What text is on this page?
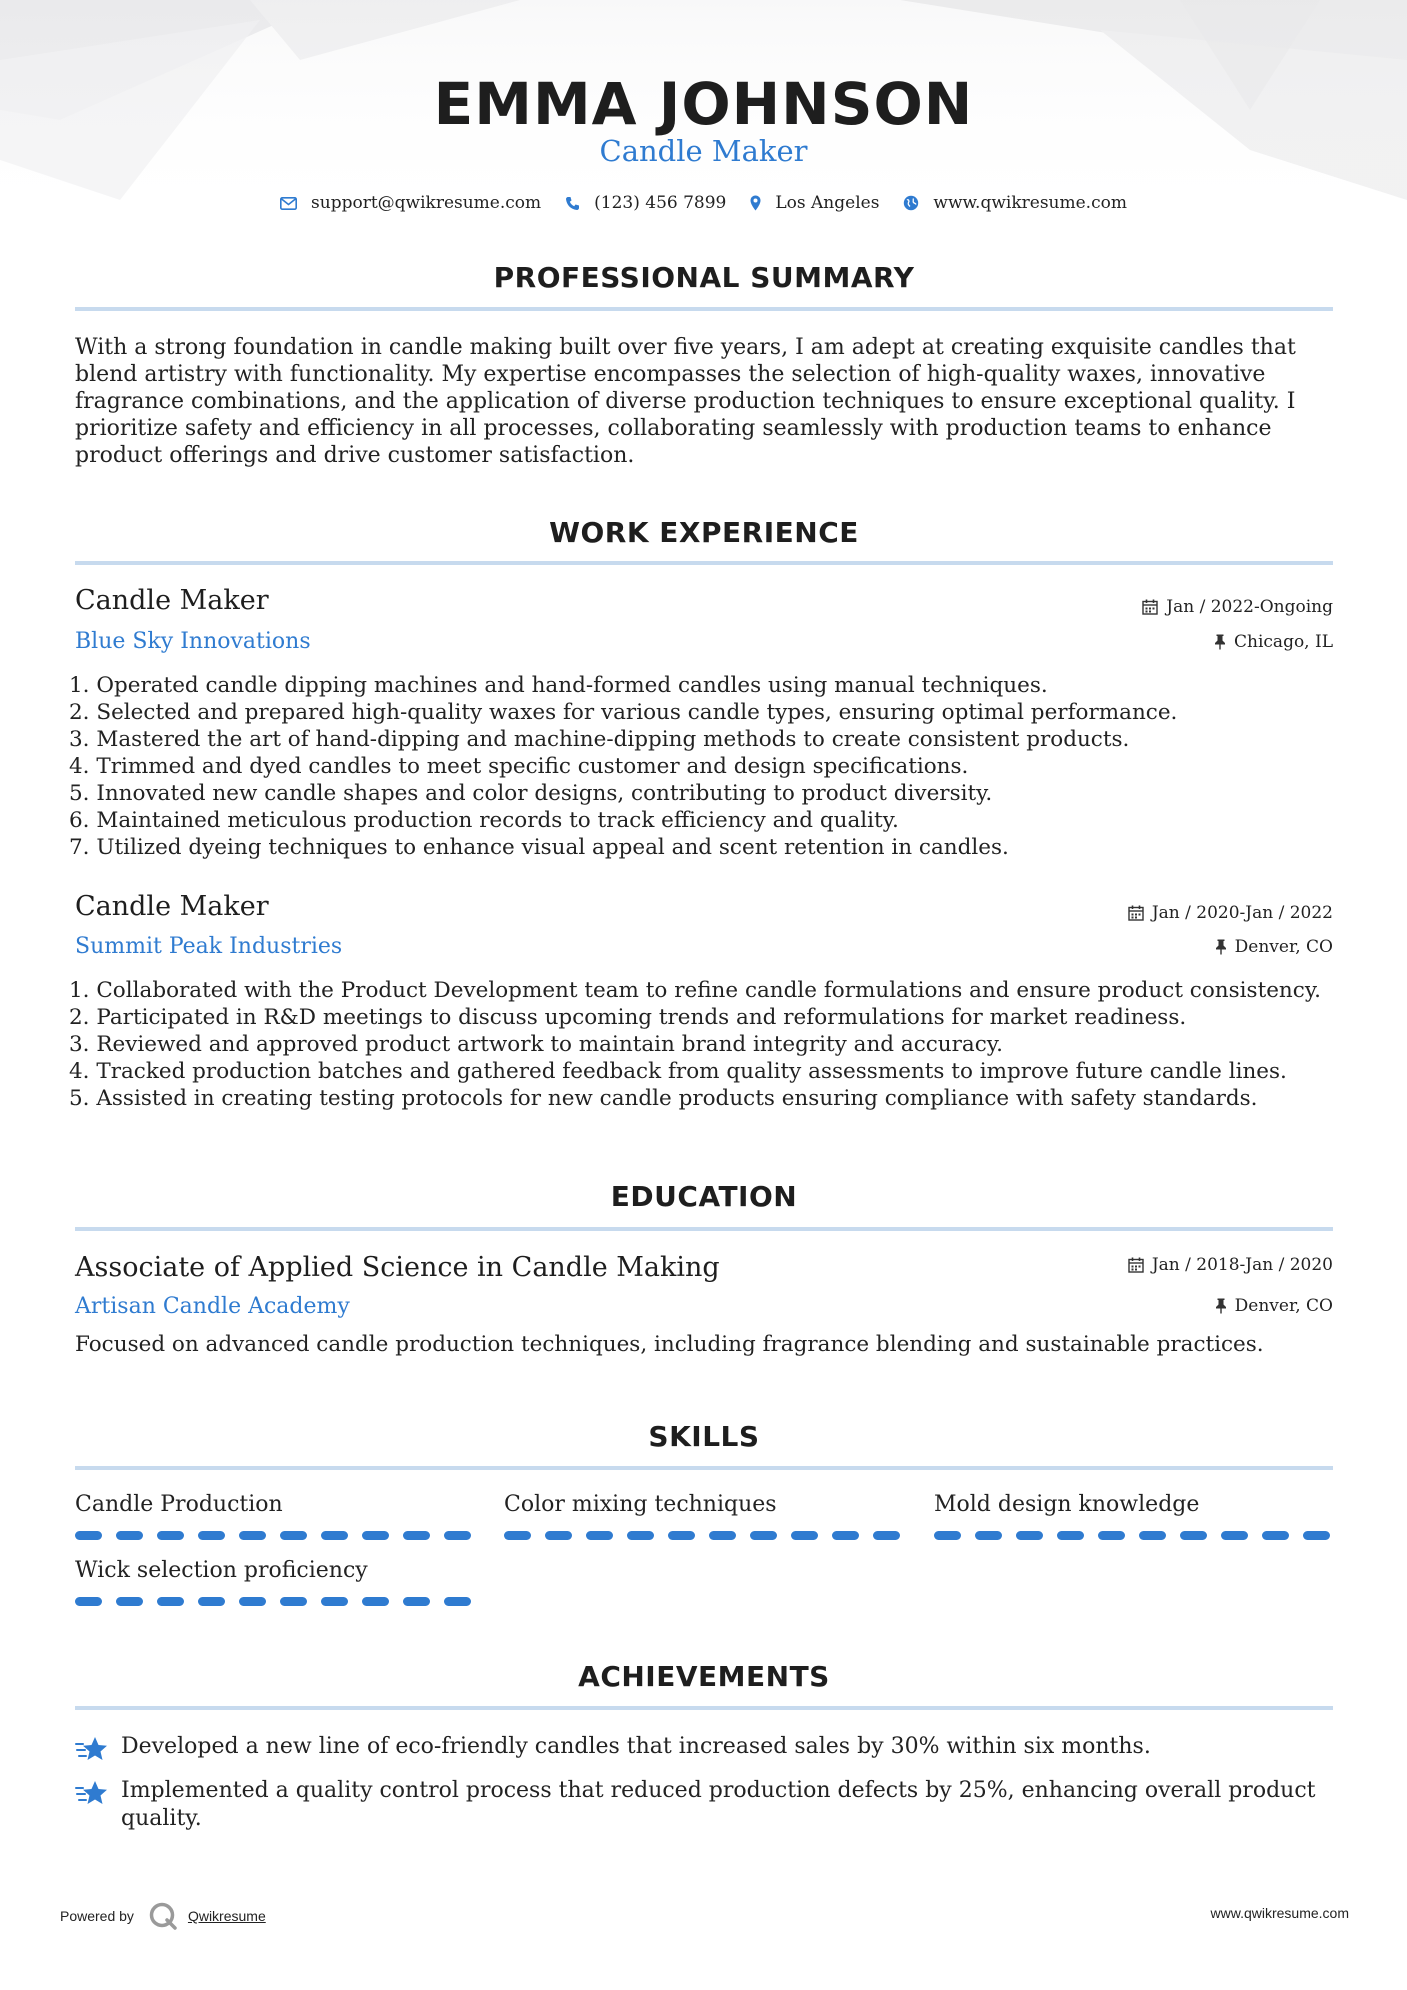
EMMA JOHNSON
Candle Maker
support@qwikresume.com	(123) 456 7899	Los Angeles	www.qwikresume.com
PROFESSIONAL SUMMARY

With a strong foundation in candle making built over five years, I am adept at creating exquisite candles that blend artistry with functionality. My expertise encompasses the selection of high-quality waxes, innovative fragrance combinations, and the application of diverse production techniques to ensure exceptional quality. I prioritize safety and efficiency in all processes, collaborating seamlessly with production teams to enhance product offerings and drive customer satisfaction.

WORK EXPERIENCE
Candle Maker
Blue Sky Innovations
Jan / 2022-Ongoing
Chicago, IL
1. Operated candle dipping machines and hand-formed candles using manual techniques.
2. Selected and prepared high-quality waxes for various candle types, ensuring optimal performance.
3. Mastered the art of hand-dipping and machine-dipping methods to create consistent products.
4. Trimmed and dyed candles to meet specific customer and design specifications.
5. Innovated new candle shapes and color designs, contributing to product diversity.
6. Maintained meticulous production records to track efficiency and quality.
7. Utilized dyeing techniques to enhance visual appeal and scent retention in candles.
Candle Maker
Summit Peak Industries
Jan / 2020-Jan / 2022
Denver, CO
1. Collaborated with the Product Development team to refine candle formulations and ensure product consistency.
2. Participated in R&D meetings to discuss upcoming trends and reformulations for market readiness.
3. Reviewed and approved product artwork to maintain brand integrity and accuracy.
4. Tracked production batches and gathered feedback from quality assessments to improve future candle lines.
5. Assisted in creating testing protocols for new candle products ensuring compliance with safety standards.
EDUCATION
Associate of Applied Science in Candle Making
Artisan Candle Academy
Jan / 2018-Jan / 2020
Denver, CO
Focused on advanced candle production techniques, including fragrance blending and sustainable practices.
SKILLS
Candle Production	Color mixing techniques	Mold design knowledge
Wick selection proficiency
ACHIEVEMENTS
Developed a new line of eco-friendly candles that increased sales by 30% within six months.
Implemented a quality control process that reduced production defects by 25%, enhancing overall product quality.
Powered by	Qwikresume	www.qwikresume.com
